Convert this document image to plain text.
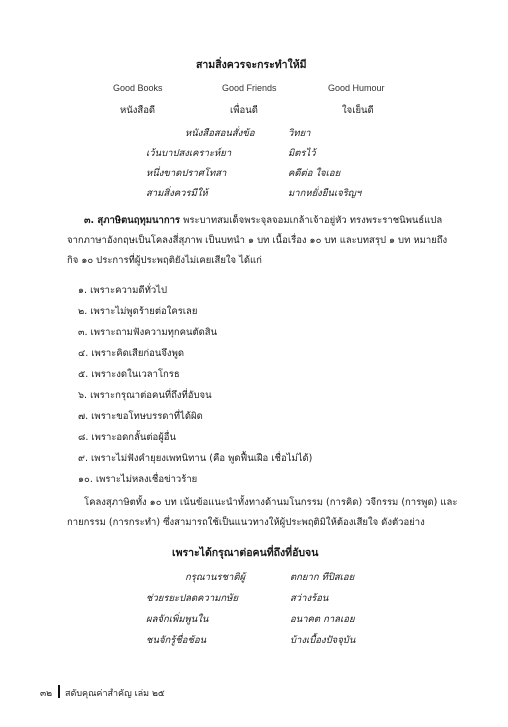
สามสิ่งควรจะกระทำให้มี
Good Books	Good Friends	Good Humour
หนังสือดี	เพื่อนดี	ใจเย็นดี
หนังสือสอนสั่งข้อ	วิทยา
เว้นบาปสงเคราะห์ยา	มิตรไว้
หนึ่งขาดปราศโทสา	คดีต่อ ใจเอย
สามสิ่งควรมีให้	มากหยั่งยืนเจริญฯ
๓. สุภาษิตนฤทุมนาการ พระบาทสมเด็จพระจุลจอมเกล้าเจ้าอยู่หัว ทรงพระราชนิพนธ์แปล
จากภาษาอังกฤษเป็นโคลงสี่สุภาพ เป็นบทนำ ๑ บท เนื้อเรื่อง ๑๐ บท และบทสรุป ๑ บท หมายถึง
กิจ ๑๐ ประการที่ผู้ประพฤติยังไม่เคยเสียใจ ได้แก่
๑. เพราะความดีทั่วไป
๒. เพราะไม่พูดร้ายต่อใครเลย
๓. เพราะถามฟังความทุกคนตัดสิน
๔. เพราะคิดเสียก่อนจึงพูด
๕. เพราะงดในเวลาโกรธ
๖. เพราะกรุณาต่อคนที่ถึงที่อับจน
๗. เพราะขอโทษบรรดาที่ได้ผิด
๘. เพราะอดกลั้นต่อผู้อื่น
๙. เพราะไม่ฟังคำยุยงเพทนิทาน (คือ พูดฟื้นเฝือ เชื่อไม่ได้)
๑๐. เพราะไม่หลงเชื่อข่าวร้าย
โคลงสุภาษิตทั้ง ๑๐ บท เน้นข้อแนะนำทั้งทางด้านมโนกรรม (การคิด) วจีกรรม (การพูด) และ
กายกรรม (การกระทำ) ซึ่งสามารถใช้เป็นแนวทางให้ผู้ประพฤติมิให้ต้องเสียใจ ดังตัวอย่าง
เพราะได้กรุณาต่อคนที่ถึงที่อับจน
กรุณานรชาติผู้	ตกยาก ทีปิสเอย
ช่วยรยะปลดความกษัย	สว่างร้อน
ผลจักเพิ่มพูนใน	อนาคต กาลเอย
ชนจักรู้ชื่อช้อน	บ้างเบื้องปัจจุบัน
๓๒ สดับคุณค่าสำคัญ เล่ม ๒๕
